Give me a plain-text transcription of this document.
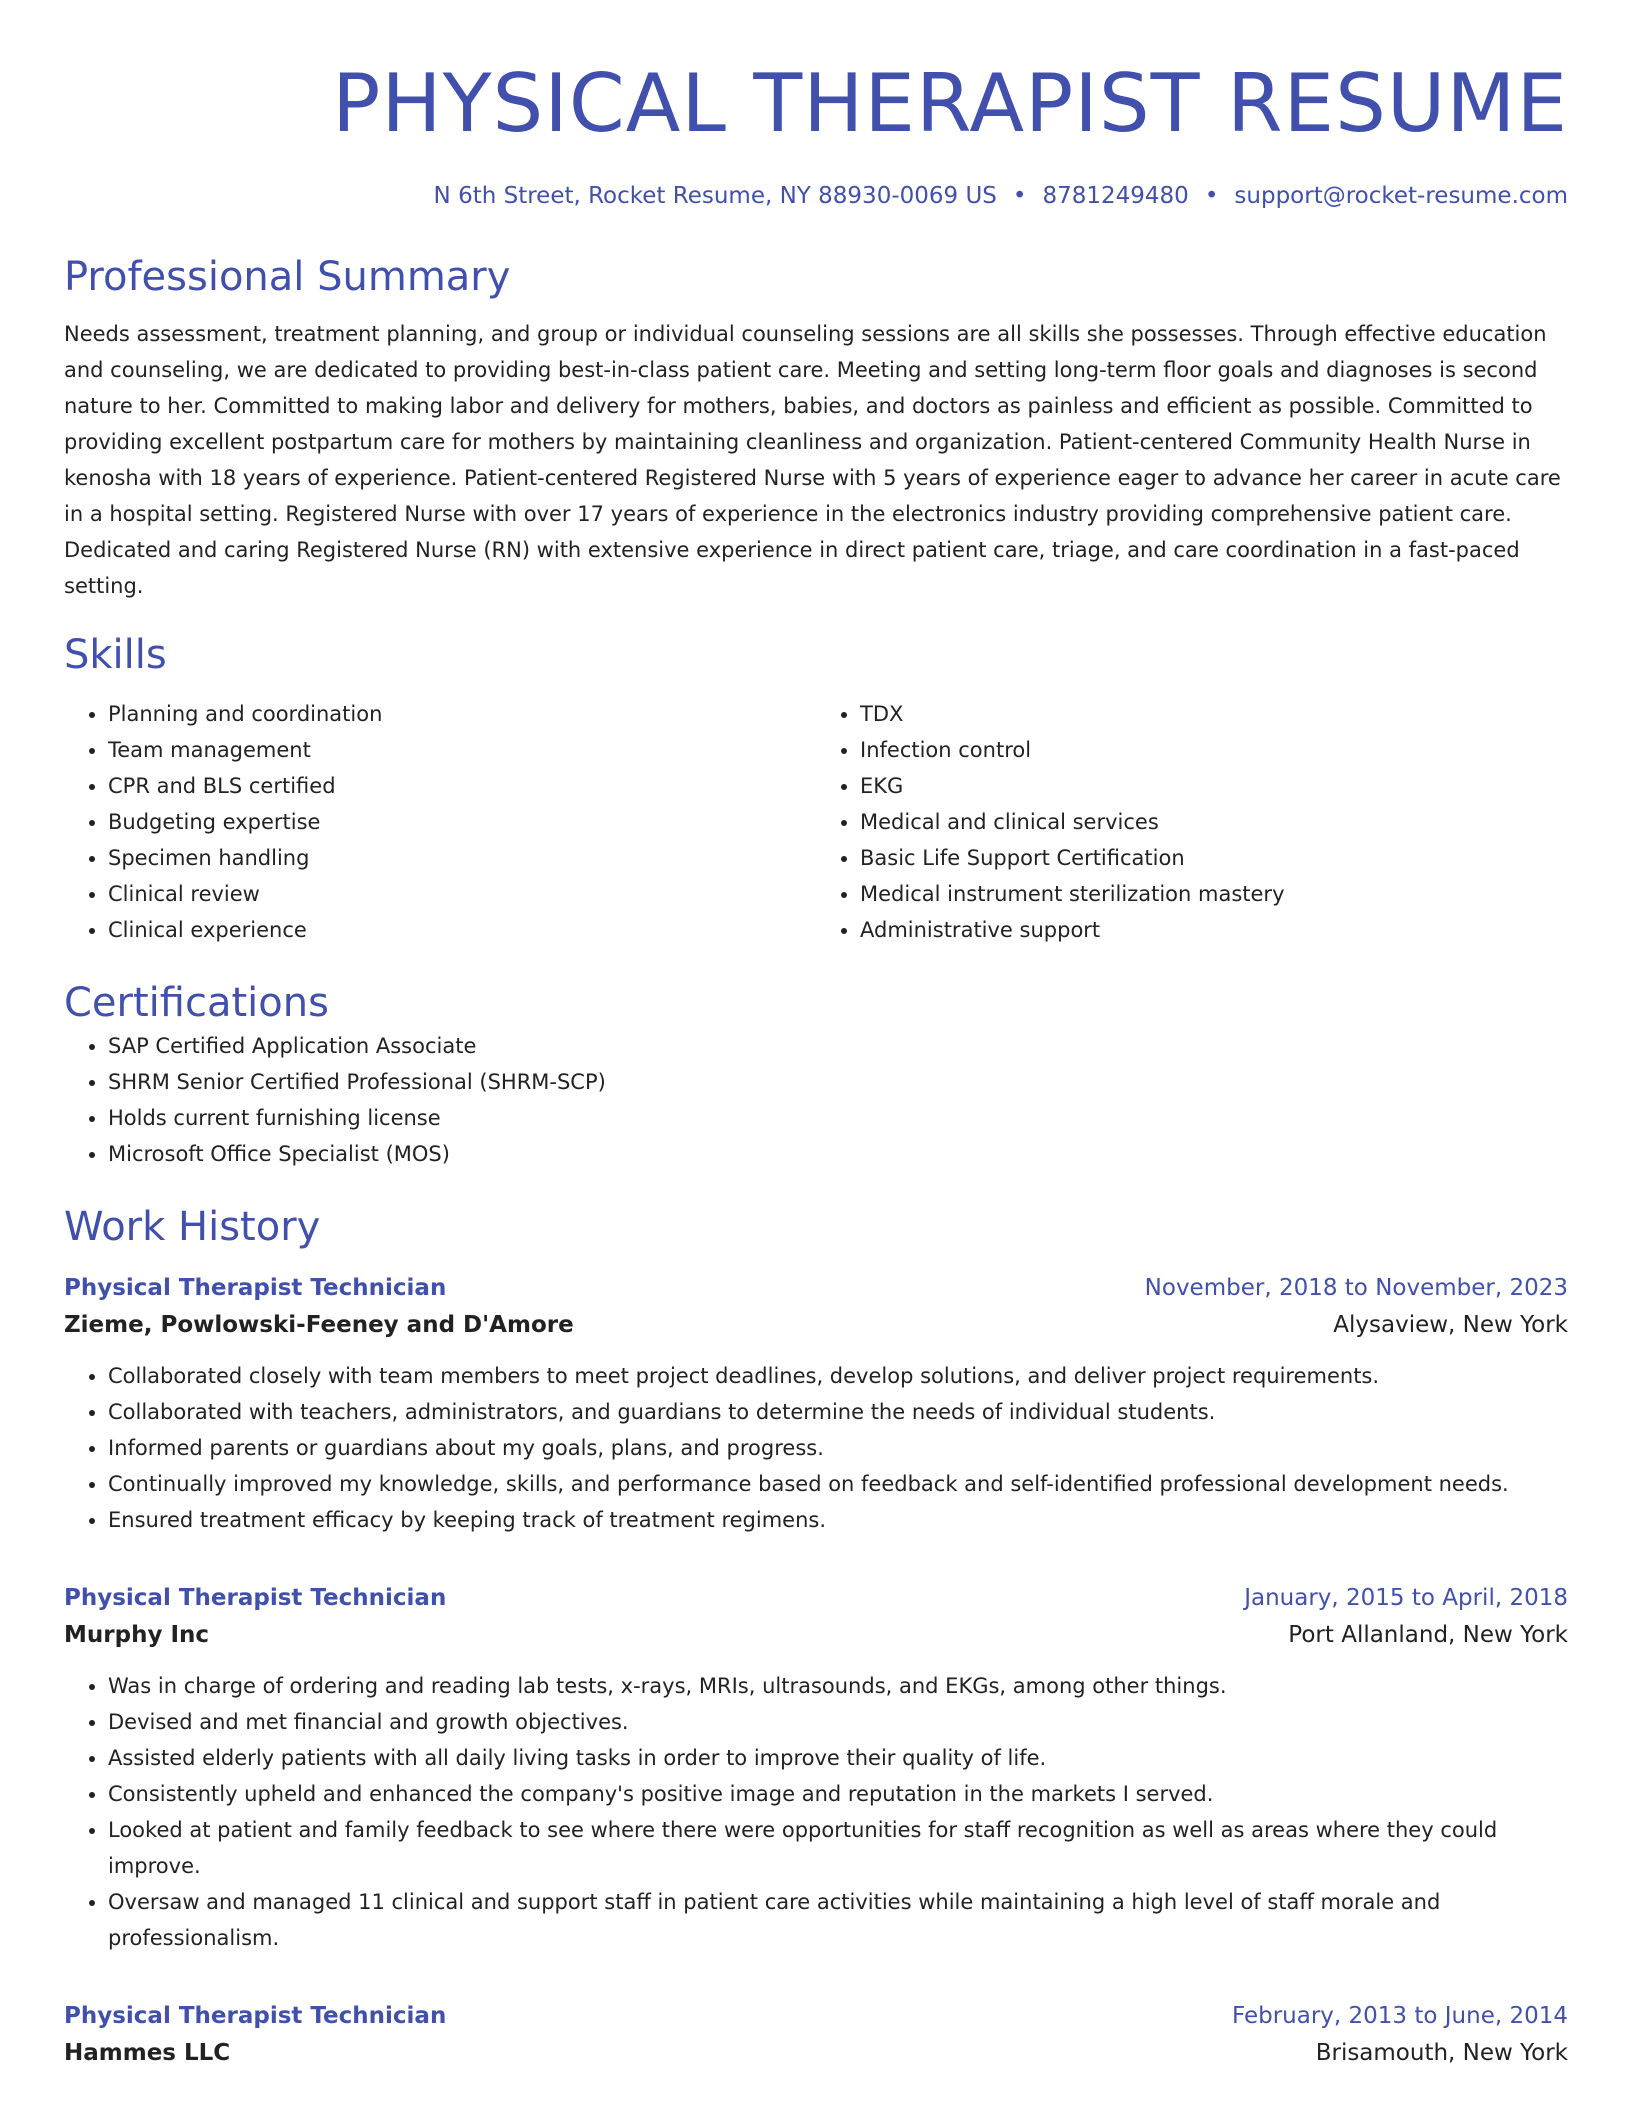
PHYSICAL THERAPIST RESUME
N 6th Street, Rocket Resume, NY 88930-0069 US • 8781249480 • support@rocket-resume.com
Professional Summary
Needs assessment, treatment planning, and group or individual counseling sessions are all skills she possesses. Through effective education and counseling, we are dedicated to providing best-in-class patient care. Meeting and setting long-term floor goals and diagnoses is second nature to her. Committed to making labor and delivery for mothers, babies, and doctors as painless and efficient as possible. Committed to providing excellent postpartum care for mothers by maintaining cleanliness and organization. Patient-centered Community Health Nurse in kenosha with 18 years of experience. Patient-centered Registered Nurse with 5 years of experience eager to advance her career in acute care in a hospital setting. Registered Nurse with over 17 years of experience in the electronics industry providing comprehensive patient care. Dedicated and caring Registered Nurse (RN) with extensive experience in direct patient care, triage, and care coordination in a fast-paced setting.
Skills
• Planning and coordination
• Team management
• CPR and BLS certified
• Budgeting expertise
• Specimen handling
• Clinical review
• Clinical experience
• TDX
• Infection control
• EKG
• Medical and clinical services
• Basic Life Support Certification
• Medical instrument sterilization mastery
• Administrative support
Certifications
• SAP Certified Application Associate
• SHRM Senior Certified Professional (SHRM-SCP)
• Holds current furnishing license
• Microsoft Office Specialist (MOS)
Work History
Physical Therapist Technician	November, 2018 to November, 2023
Zieme, Powlowski-Feeney and D'Amore	Alysaview, New York
• Collaborated closely with team members to meet project deadlines, develop solutions, and deliver project requirements.
• Collaborated with teachers, administrators, and guardians to determine the needs of individual students.
• Informed parents or guardians about my goals, plans, and progress.
• Continually improved my knowledge, skills, and performance based on feedback and self-identified professional development needs.
• Ensured treatment efficacy by keeping track of treatment regimens.
Physical Therapist Technician	January, 2015 to April, 2018
Murphy Inc	Port Allanland, New York
• Was in charge of ordering and reading lab tests, x-rays, MRIs, ultrasounds, and EKGs, among other things.
• Devised and met financial and growth objectives.
• Assisted elderly patients with all daily living tasks in order to improve their quality of life.
• Consistently upheld and enhanced the company's positive image and reputation in the markets I served.
• Looked at patient and family feedback to see where there were opportunities for staff recognition as well as areas where they could improve.
• Oversaw and managed 11 clinical and support staff in patient care activities while maintaining a high level of staff morale and professionalism.
Physical Therapist Technician	February, 2013 to June, 2014
Hammes LLC	Brisamouth, New York
